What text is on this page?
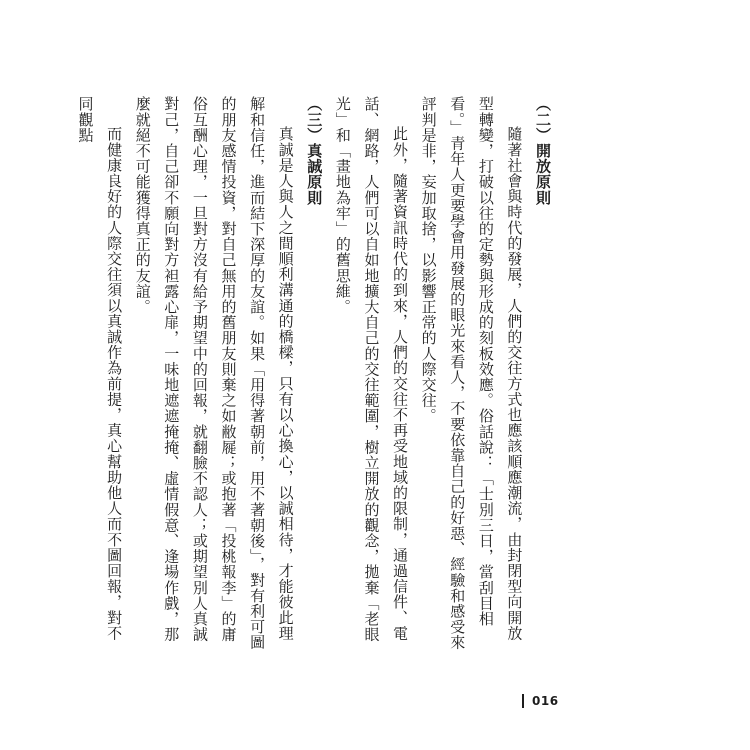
（二）開放原則

隨著社會與時代的發展，人們的交往方式也應該順應潮流，由封閉型向開放型轉變，打破以往的定勢與形成的刻板效應。俗話說：「士別三日，當刮目相看。」青年人更要學會用發展的眼光來看人，不要依靠自己的好惡、經驗和感受來評判是非，妄加取捨，以影響正常的人際交往。

此外，隨著資訊時代的到來，人們的交往不再受地域的限制，通過信件、電話、網路，人們可以自如地擴大自己的交往範圍，樹立開放的觀念，拋棄「老眼光」和「畫地為牢」的舊思維。

（三）真誠原則

真誠是人與人之間順利溝通的橋樑，只有以心換心，以誠相待，才能彼此理解和信任，進而結下深厚的友誼。如果「用得著朝前，用不著朝後」，對有利可圖的朋友感情投資，對自己無用的舊朋友則棄之如敝屣；或抱著「投桃報李」的庸俗互酬心理，一旦對方沒有給予期望中的回報，就翻臉不認人；或期望別人真誠對己，自己卻不願向對方袒露心扉，一味地遮遮掩掩、虛情假意、逢場作戲，那麼就絕不可能獲得真正的友誼。

而健康良好的人際交往須以真誠作為前提，真心幫助他人而不圖回報，對不同觀點

016
